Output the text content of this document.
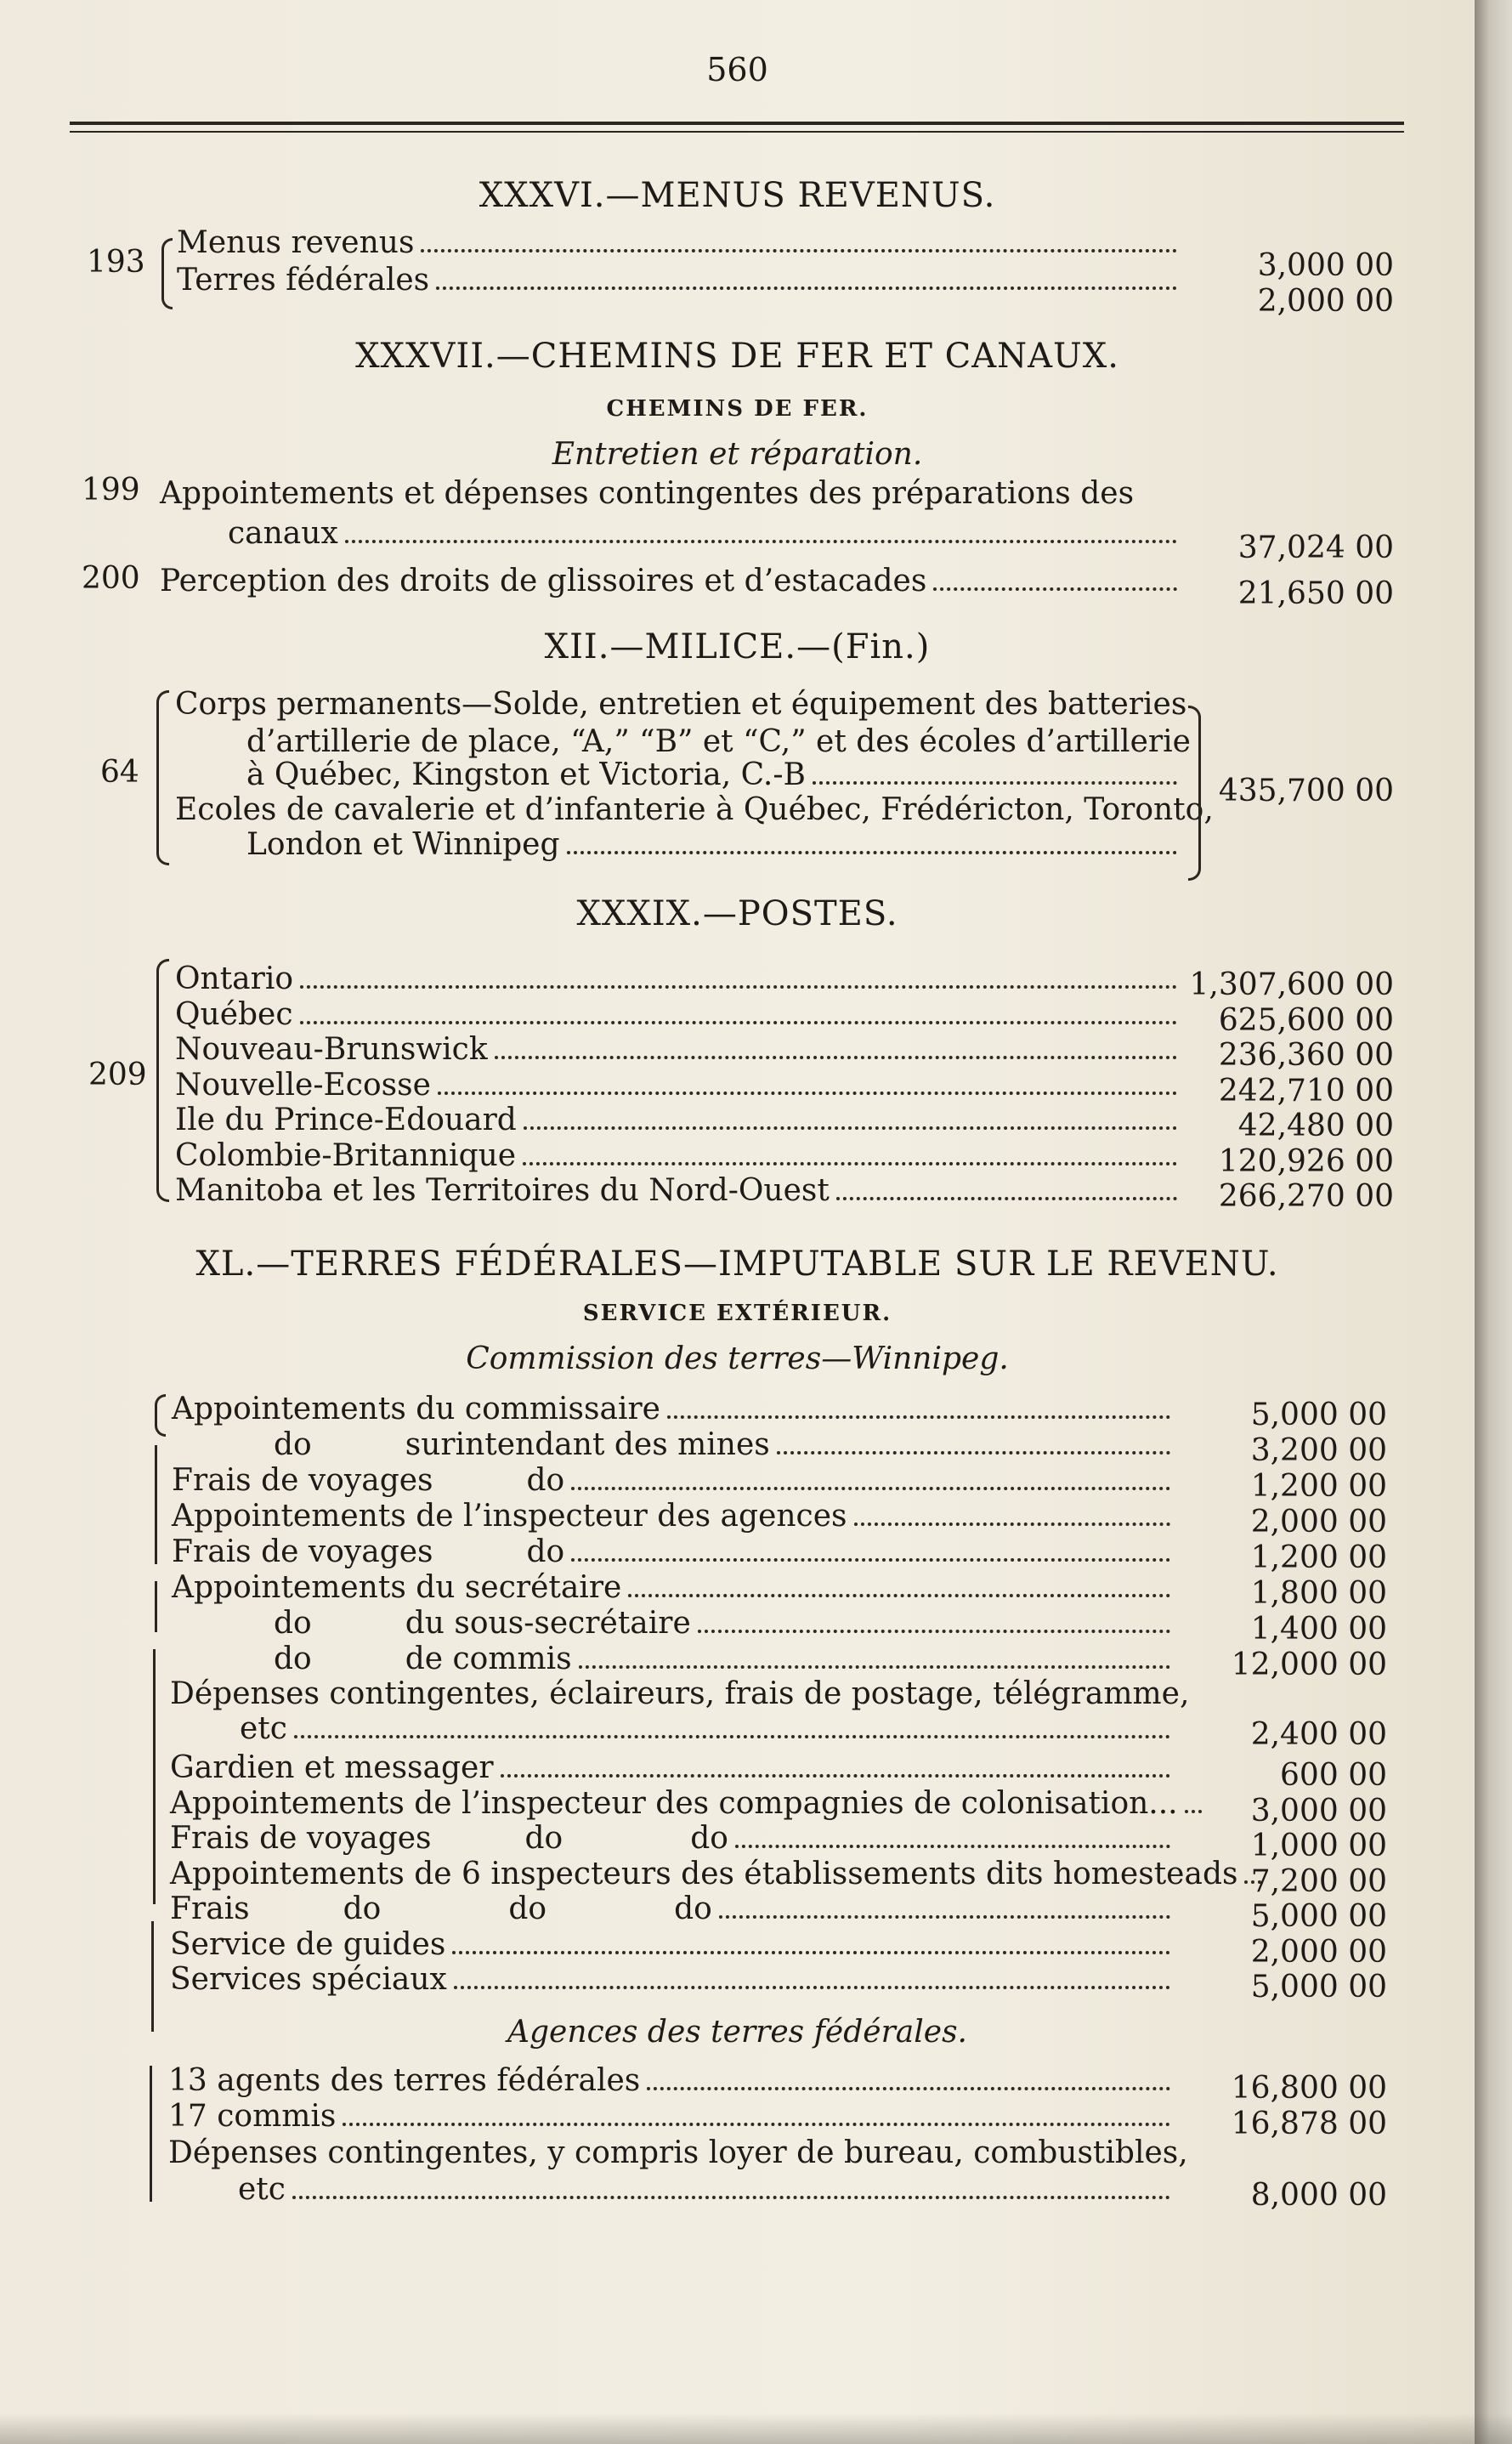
560
XXXVI.—MENUS REVENUS.
193
Menus revenus
3,000 00
Terres fédérales
2,000 00
XXXVII.—CHEMINS DE FER ET CANAUX.
CHEMINS DE FER.
Entretien et réparation.
199 Appointements et dépenses contingentes des préparations des
canaux	37,024 00
200 Perception des droits de glissoires et d’estacades	21,650 00
XII.—MILICE.—(Fin.)
64
Corps permanents—Solde, entretien et équipement des batteries
d’artillerie de place, “A,” “B” et “C,” et des écoles d’artillerie
à Québec, Kingston et Victoria, C.-B
Ecoles de cavalerie et d’infanterie à Québec, Frédéricton, Toronto,
London et Winnipeg
435,700 00
XXXIX.—POSTES.
209
Ontario	1,307,600 00
Québec	625,600 00
Nouveau-Brunswick	236,360 00
Nouvelle-Ecosse	242,710 00
Ile du Prince-Edouard	42,480 00
Colombie-Britannique	120,926 00
Manitoba et les Territoires du Nord-Ouest	266,270 00
XL.—TERRES FÉDÉRALES—IMPUTABLE SUR LE REVENU.
SERVICE EXTÉRIEUR.
Commission des terres—Winnipeg.
Appointements du commissaire	5,000 00
do	surintendant des mines	3,200 00
Frais de voyages	do	1,200 00
Appointements de l’inspecteur des agences	2,000 00
Frais de voyages	do	1,200 00
Appointements du secrétaire	1,800 00
do	du sous-secrétaire	1,400 00
do	de commis	12,000 00
Dépenses contingentes, éclaireurs, frais de postage, télégramme,
etc	2,400 00
Gardien et messager	600 00
Appointements de l’inspecteur des compagnies de colonisation...	3,000 00
Frais de voyages	do	do	1,000 00
Appointements de 6 inspecteurs des établissements dits homesteads 7,200 00
Frais	do	do	do	5,000 00
Service de guides	2,000 00
Services spéciaux	5,000 00
Agences des terres fédérales.
13 agents des terres fédérales	16,800 00
17 commis	16,878 00
Dépenses contingentes, y compris loyer de bureau, combustibles,
etc	8,000 00
